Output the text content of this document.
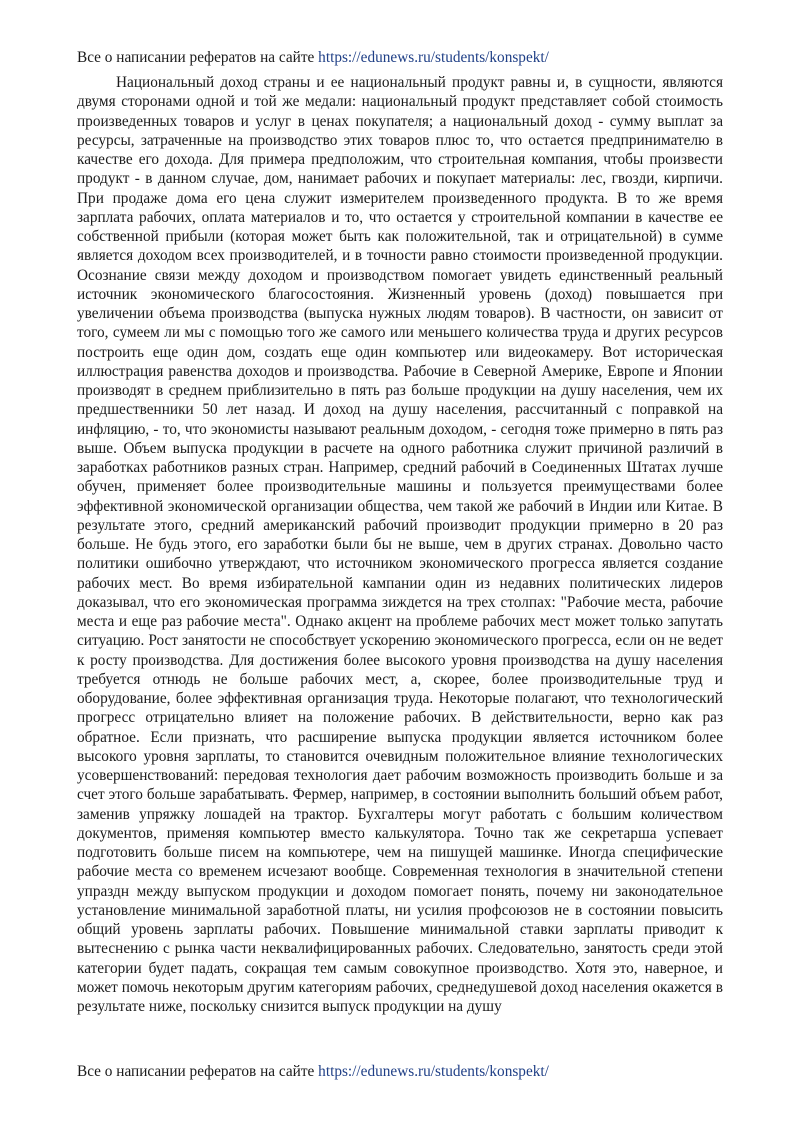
Все о написании рефератов на сайте https://edunews.ru/students/konspekt/

Национальный доход страны и ее национальный продукт равны и, в сущности, являются двумя сторонами одной и той же медали: национальный продукт представляет собой стоимость произведенных товаров и услуг в ценах покупателя; а национальный доход - сумму выплат за ресурсы, затраченные на производство этих товаров плюс то, что остается предпринимателю в качестве его дохода. Для примера предположим, что строительная компания, чтобы произвести продукт - в данном случае, дом, нанимает рабочих и покупает материалы: лес, гвозди, кирпичи. При продаже дома его цена служит измерителем произведенного продукта. В то же время зарплата рабочих, оплата материалов и то, что остается у строительной компании в качестве ее собственной прибыли (которая может быть как положительной, так и отрицательной) в сумме является доходом всех производителей, и в точности равно стоимости произведенной продукции. Осознание связи между доходом и производством помогает увидеть единственный реальный источник экономического благосостояния. Жизненный уровень (доход) повышается при увеличении объема производства (выпуска нужных людям товаров). В частности, он зависит от того, сумеем ли мы с помощью того же самого или меньшего количества труда и других ресурсов построить еще один дом, создать еще один компьютер или видеокамеру. Вот историческая иллюстрация равенства доходов и производства. Рабочие в Северной Америке, Европе и Японии производят в среднем приблизительно в пять раз больше продукции на душу населения, чем их предшественники 50 лет назад. И доход на душу населения, рассчитанный с поправкой на инфляцию, - то, что экономисты называют реальным доходом, - сегодня тоже примерно в пять раз выше. Объем выпуска продукции в расчете на одного работника служит причиной различий в заработках работников разных стран. Например, средний рабочий в Соединенных Штатах лучше обучен, применяет более производительные машины и пользуется преимуществами более эффективной экономической организации общества, чем такой же рабочий в Индии или Китае. В результате этого, средний американский рабочий производит продукции примерно в 20 раз больше. Не будь этого, его заработки были бы не выше, чем в других странах. Довольно часто политики ошибочно утверждают, что источником экономического прогресса является создание рабочих мест. Во время избирательной кампании один из недавних политических лидеров доказывал, что его экономическая программа зиждется на трех столпах: "Рабочие места, рабочие места и еще раз рабочие места". Однако акцент на проблеме рабочих мест может только запутать ситуацию. Рост занятости не способствует ускорению экономического прогресса, если он не ведет к росту производства. Для достижения более высокого уровня производства на душу населения требуется отнюдь не больше рабочих мест, а, скорее, более производительные труд и оборудование, более эффективная организация труда. Некоторые полагают, что технологический прогресс отрицательно влияет на положение рабочих. В действительности, верно как раз обратное. Если признать, что расширение выпуска продукции является источником более высокого уровня зарплаты, то становится очевидным положительное влияние технологических усовершенствований: передовая технология дает рабочим возможность производить больше и за счет этого больше зарабатывать. Фермер, например, в состоянии выполнить больший объем работ, заменив упряжку лошадей на трактор. Бухгалтеры могут работать с большим количеством документов, применяя компьютер вместо калькулятора. Точно так же секретарша успевает подготовить больше писем на компьютере, чем на пишущей машинке. Иногда специфические рабочие места со временем исчезают вообще. Современная технология в значительной степени упраздн между выпуском продукции и доходом помогает понять, почему ни законодательное установление минимальной заработной платы, ни усилия профсоюзов не в состоянии повысить общий уровень зарплаты рабочих. Повышение минимальной ставки зарплаты приводит к вытеснению с рынка части неквалифицированных рабочих. Следовательно, занятость среди этой категории будет падать, сокращая тем самым совокупное производство. Хотя это, наверное, и может помочь некоторым другим категориям рабочих, среднедушевой доход населения окажется в результате ниже, поскольку снизится выпуск продукции на душу

Все о написании рефератов на сайте https://edunews.ru/students/konspekt/
